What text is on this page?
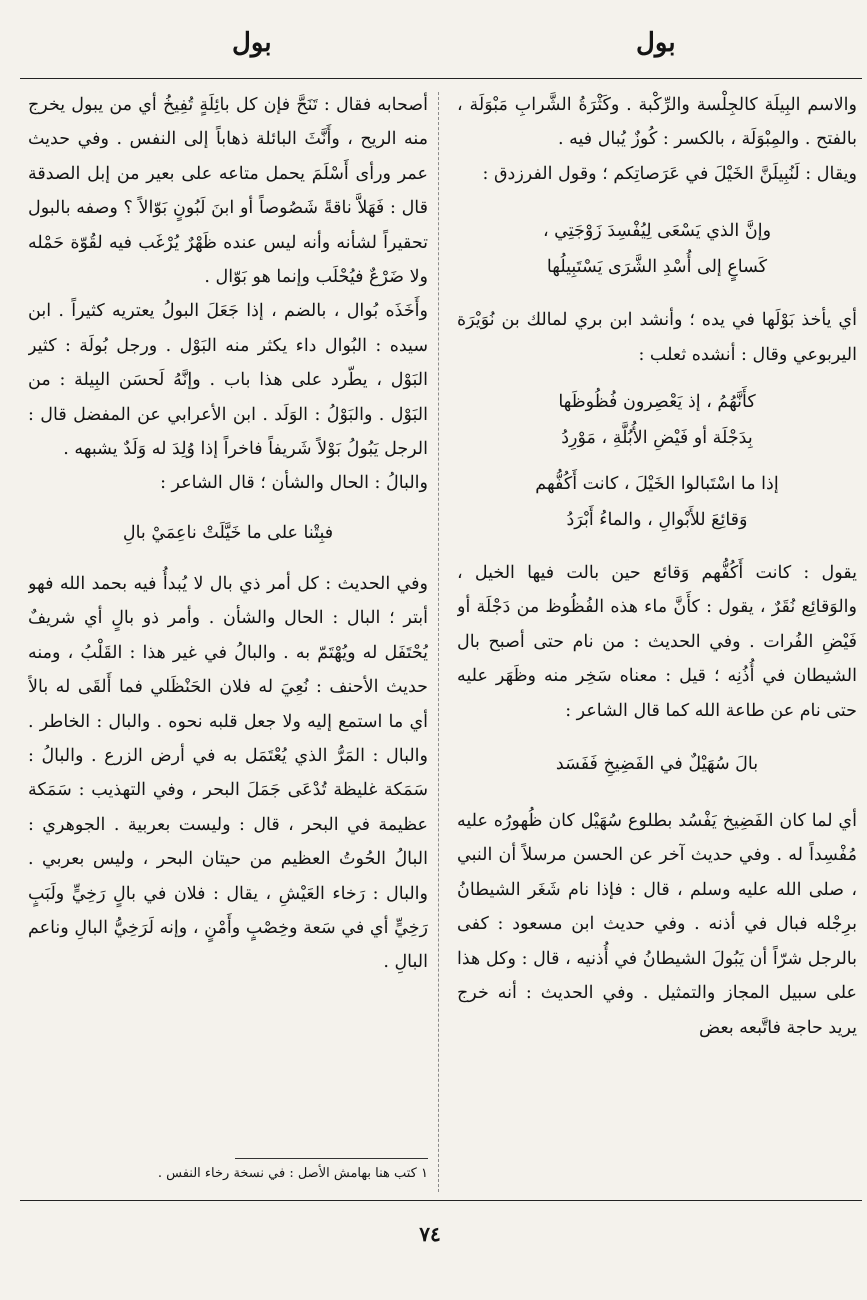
بول
بول

والاسم البِيلَة كالجِلْسة والرِّكْبة . وكَثْرَةُ الشَّرابِ مَبْوَلَة ، بالفتح . والمِبْوَلَة ، بالكسر : كُوزٌ يُبال فيه .

ويقال : لَنُبِيلَنَّ الخَيْلَ في عَرَصاتِكم ؛ وقول الفرزدق :

وإنَّ الذي يَسْعَى لِيُفْسِدَ زَوْجَتِي ،
كَساعٍ إلى أُسْدِ الشَّرَى يَسْتَبِيلُها

أي يأخذ بَوْلَها في يده ؛ وأنشد ابن بري لمالك بن نُوَيْرَة اليربوعي وقال : أنشده ثعلب :

كأَنَّهُمُ ، إذ يَعْصِرون فُظُوظَها
بِدَجْلَة أو فَيْضِ الأُبُلَّةِ ، مَوْرِدُ
إذا ما اسْتَبالوا الخَيْلَ ، كانت أَكُفُّهم
وَقائِعَ للأَبْوالِ ، والماءُ أَبْرَدُ

يقول : كانت أَكُفُّهم وَقائع حين بالت فيها الخيل ، والوَقائِع نُقَرٌ ، يقول : كأَنَّ ماء هذه الفُظُوظ من دَجْلَة أو فَيْضِ الفُرات . وفي الحديث : من نام حتى أصبح بال الشيطان في أُذُنِه ؛ قيل : معناه سَخِر منه وظَهَر عليه حتى نام عن طاعة الله كما قال الشاعر :

بالَ سُهَيْلٌ في الفَضِيخِ فَفَسَد

أي لما كان الفَضِيخ يَفْسُد بطلوع سُهَيْل كان ظُهورُه عليه مُفْسِداً له . وفي حديث آخر عن الحسن مرسلاً أن النبي ، صلى الله عليه وسلم ، قال : فإذا نام شَغَر الشيطانُ برِجْله فبال في أذنه . وفي حديث ابن مسعود : كفى بالرجل شرّاً أن يَبُولَ الشيطانُ في أُذنيه ، قال : وكل هذا على سبيل المجاز والتمثيل . وفي الحديث : أنه خرج يريد حاجة فاتَّبعه بعض

أصحابه فقال : تَنَحَّ فإن كل بائِلَةٍ تُفِيخُ أي من يبول يخرج منه الريح ، وأَنَّثَ البائلة ذهاباً إلى النفس . وفي حديث عمر ورأى أَسْلَمَ يحمل متاعه على بعير من إبل الصدقة قال : فَهَلاَّ ناقةً شَصُوصاً أو ابنَ لَبُونٍ بَوّالاً ؟ وصفه بالبول تحقيراً لشأنه وأنه ليس عنده ظَهْرٌ يُرْغَب فيه لقُوّة حَمْله ولا ضَرْعٌ فيُحْلَب وإنما هو بَوّال .

وأَخَذَه بُوال ، بالضم ، إذا جَعَلَ البولُ يعتريه كثيراً . ابن سيده : البُوال داء يكثر منه البَوْل . ورجل بُولَة : كثير البَوْل ، يطّرد على هذا باب . وإنَّهُ لَحسَن البِيلة : من البَوْل . والبَوْلُ : الوَلَد . ابن الأعرابي عن المفضل قال : الرجل يَبُولُ بَوْلاً شَريفاً فاخراً إذا وُلِدَ له وَلَدٌ يشبهه .

والبالُ : الحال والشأن ؛ قال الشاعر :

فبِتْنا على ما خَيَّلَتْ ناعِمَيْ بالِ

وفي الحديث : كل أمر ذي بال لا يُبدأُ فيه بحمد الله فهو أبتر ؛ البال : الحال والشأن . وأمر ذو بالٍ أي شريفٌ يُحْتَفَل له ويُهْتَمّ به . والبالُ في غير هذا : القَلْبُ ، ومنه حديث الأحنف : نُعِيَ له فلان الحَنْظَلي فما أَلقَى له بالاً أي ما استمع إليه ولا جعل قلبه نحوه . والبال : الخاطر . والبال : المَرُّ الذي يُعْتَمَل به في أرض الزرع . والبالُ : سَمَكة غليظة تُدْعَى جَمَلَ البحر ، وفي التهذيب : سَمَكة عظيمة في البحر ، قال : وليست بعربية . الجوهري : البالُ الحُوتُ العظيم من حيتان البحر ، وليس بعربي . والبال : رَخاء العَيْشِ ، يقال : فلان في بالٍ رَخِيٍّ ولَبَبٍ رَخِيٍّ أي في سَعة وخِصْبٍ وأَمْنٍ ، وإنه لَرَخِيُّ البالِ وناعم البالِ .

١ كتب هنا بهامش الأصل : في نسخة رخاء النفس .
٧٤
